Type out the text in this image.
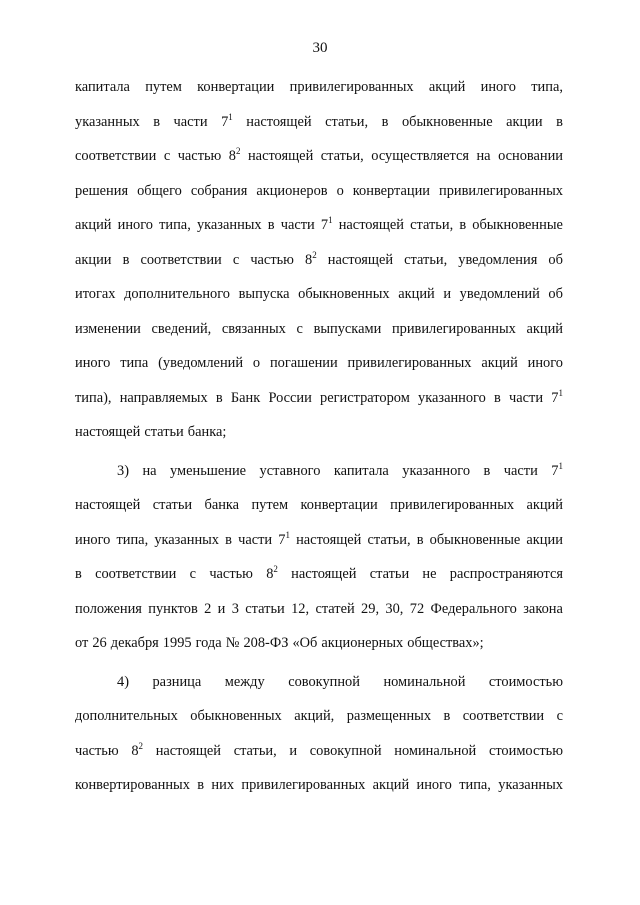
30
капитала путем конвертации привилегированных акций иного типа,
указанных в части $7^1$ настоящей статьи, в обыкновенные акции в
соответствии с частью $8^2$ настоящей статьи, осуществляется на основании
решения общего собрания акционеров о конвертации привилегированных
акций иного типа, указанных в части $7^1$ настоящей статьи, в обыкновенные
акции в соответствии с частью $8^2$ настоящей статьи, уведомления об
итогах дополнительного выпуска обыкновенных акций и уведомлений об
изменении сведений, связанных с выпусками привилегированных акций
иного типа (уведомлений о погашении привилегированных акций иного
типа), направляемых в Банк России регистратором указанного в части $7^1$
настоящей статьи банка;
3) на уменьшение уставного капитала указанного в части $7^1$
настоящей статьи банка путем конвертации привилегированных акций
иного типа, указанных в части $7^1$ настоящей статьи, в обыкновенные акции
в соответствии с частью $8^2$ настоящей статьи не распространяются
положения пунктов 2 и 3 статьи 12, статей 29, 30, 72 Федерального закона
от 26 декабря 1995 года № 208-ФЗ «Об акционерных обществах»;
4) разница между совокупной номинальной стоимостью
дополнительных обыкновенных акций, размещенных в соответствии с
частью $8^2$ настоящей статьи, и совокупной номинальной стоимостью
конвертированных в них привилегированных акций иного типа, указанных
